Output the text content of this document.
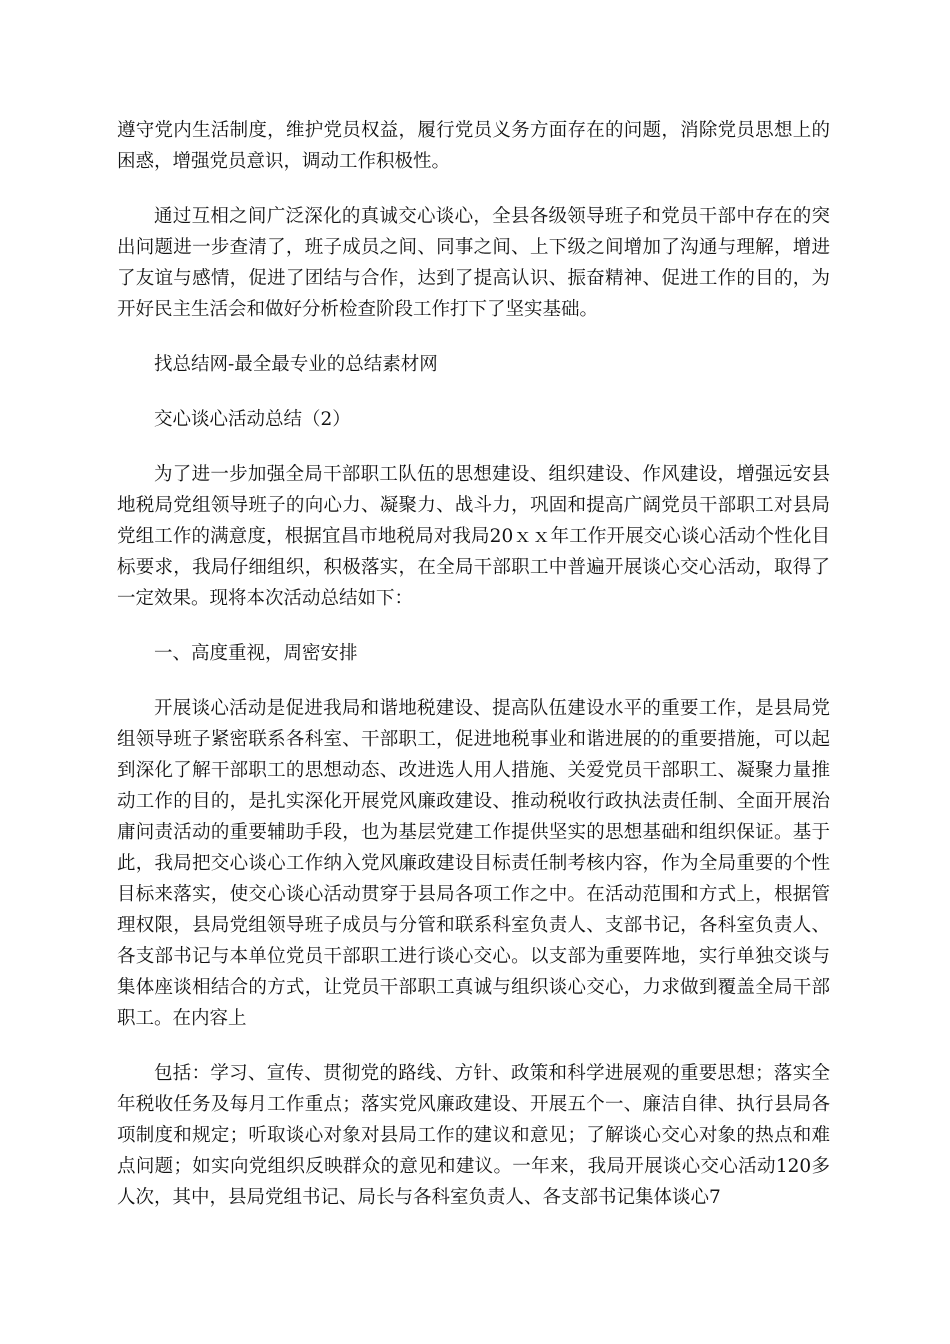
遵守党内生活制度，维护党员权益，履行党员义务方面存在的问题，消除党员思想上的困惑，增强党员意识，调动工作积极性。

通过互相之间广泛深化的真诚交心谈心，全县各级领导班子和党员干部中存在的突出问题进一步查清了，班子成员之间、同事之间、上下级之间增加了沟通与理解，增进了友谊与感情，促进了团结与合作，达到了提高认识、振奋精神、促进工作的目的，为开好民主生活会和做好分析检查阶段工作打下了坚实基础。

找总结网-最全最专业的总结素材网

交心谈心活动总结（2）

为了进一步加强全局干部职工队伍的思想建设、组织建设、作风建设，增强远安县地税局党组领导班子的向心力、凝聚力、战斗力，巩固和提高广阔党员干部职工对县局党组工作的满意度，根据宜昌市地税局对我局20ｘｘ年工作开展交心谈心活动个性化目标要求，我局仔细组织，积极落实，在全局干部职工中普遍开展谈心交心活动，取得了一定效果。现将本次活动总结如下：

一、高度重视，周密安排

开展谈心活动是促进我局和谐地税建设、提高队伍建设水平的重要工作，是县局党组领导班子紧密联系各科室、干部职工，促进地税事业和谐进展的的重要措施，可以起到深化了解干部职工的思想动态、改进选人用人措施、关爱党员干部职工、凝聚力量推动工作的目的，是扎实深化开展党风廉政建设、推动税收行政执法责任制、全面开展治庸问责活动的重要辅助手段，也为基层党建工作提供坚实的思想基础和组织保证。基于此，我局把交心谈心工作纳入党风廉政建设目标责任制考核内容，作为全局重要的个性目标来落实，使交心谈心活动贯穿于县局各项工作之中。在活动范围和方式上，根据管理权限，县局党组领导班子成员与分管和联系科室负责人、支部书记，各科室负责人、各支部书记与本单位党员干部职工进行谈心交心。以支部为重要阵地，实行单独交谈与集体座谈相结合的方式，让党员干部职工真诚与组织谈心交心，力求做到覆盖全局干部职工。在内容上

包括：学习、宣传、贯彻党的路线、方针、政策和科学进展观的重要思想；落实全年税收任务及每月工作重点；落实党风廉政建设、开展五个一、廉洁自律、执行县局各项制度和规定；听取谈心对象对县局工作的建议和意见；了解谈心交心对象的热点和难点问题；如实向党组织反映群众的意见和建议。一年来，我局开展谈心交心活动120多人次，其中，县局党组书记、局长与各科室负责人、各支部书记集体谈心7
